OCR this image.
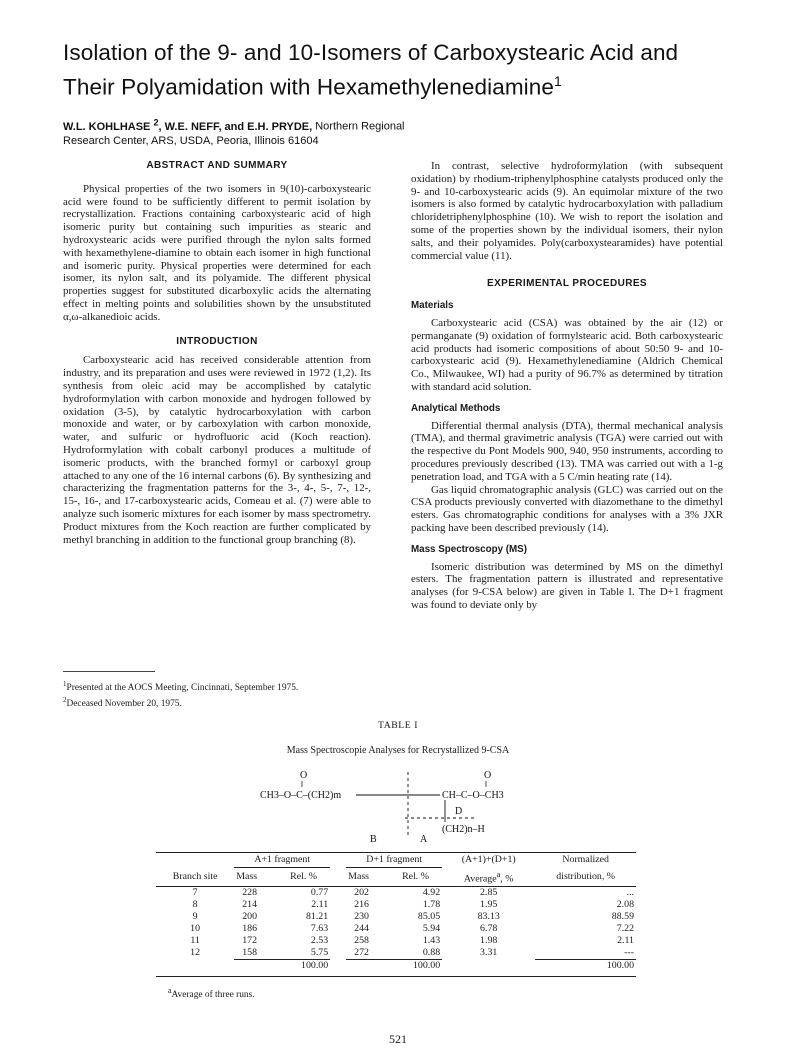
Isolation of the 9- and 10-Isomers of Carboxystearic Acid and
Their Polyamidation with Hexamethylenediamine$^1$
W.L. KOHLHASE $^2$, W.E. NEFF, and E.H. PRYDE, Northern Regional
Research Center, ARS, USDA, Peoria, Illinois 61604
ABSTRACT AND SUMMARY

Physical properties of the two isomers in 9(10)-carboxystearic acid were found to be sufficiently different to permit isolation by recrystallization. Fractions containing carboxystearic acid of high isomeric purity but containing such impurities as stearic and hydroxystearic acids were purified through the nylon salts formed with hexamethylene-diamine to obtain each isomer in high functional and isomeric purity. Physical properties were determined for each isomer, its nylon salt, and its polyamide. The different physical properties suggest for substituted dicarboxylic acids the alternating effect in melting points and solubilities shown by the unsubstituted α,ω-alkanedioic acids.

INTRODUCTION

Carboxystearic acid has received considerable attention from industry, and its preparation and uses were reviewed in 1972 (1,2). Its synthesis from oleic acid may be accomplished by catalytic hydroformylation with carbon monoxide and hydrogen followed by oxidation (3-5), by catalytic hydrocarboxylation with carbon monoxide and water, or by carboxylation with carbon monoxide, water, and sulfuric or hydrofluoric acid (Koch reaction). Hydroformylation with cobalt carbonyl produces a multitude of isomeric products, with the branched formyl or carboxyl group attached to any one of the 16 internal carbons (6). By synthesizing and characterizing the fragmentation patterns for the 3-, 4-, 5-, 7-, 12-, 15-, 16-, and 17-carboxystearic acids, Comeau et al. (7) were able to analyze such isomeric mixtures for each isomer by mass spectrometry. Product mixtures from the Koch reaction are further complicated by methyl branching in addition to the functional group branching (8).

$^1$Presented at the AOCS Meeting, Cincinnati, September 1975.
$^2$Deceased November 20, 1975.

In contrast, selective hydroformylation (with subsequent oxidation) by rhodium-triphenylphosphine catalysts produced only the 9- and 10-carboxystearic acids (9). An equimolar mixture of the two isomers is also formed by catalytic hydrocarboxylation with palladium chloridetriphenylphosphine (10). We wish to report the isolation and some of the properties shown by the individual isomers, their nylon salts, and their polyamides. Poly(carboxystearamides) have potential commercial value (11).

EXPERIMENTAL PROCEDURES
Materials

Carboxystearic acid (CSA) was obtained by the air (12) or permanganate (9) oxidation of formylstearic acid. Both carboxystearic acid products had isomeric compositions of about 50:50 9- and 10-carboxystearic acid (9). Hexamethylenediamine (Aldrich Chemical Co., Milwaukee, WI) had a purity of 96.7% as determined by titration with standard acid solution.

Analytical Methods

Differential thermal analysis (DTA), thermal mechanical analysis (TMA), and thermal gravimetric analysis (TGA) were carried out with the respective du Pont Models 900, 940, 950 instruments, according to procedures previously described (13). TMA was carried out with a 1-g penetration load, and TGA with a 5 C/min heating rate (14).

Gas liquid chromatographic analysis (GLC) was carried out on the CSA products previously converted with diazomethane to the dimethyl esters. Gas chromatographic conditions for analyses with a 3% JXR packing have been described previously (14).

Mass Spectroscopy (MS)

Isomeric distribution was determined by MS on the dimethyl esters. The fragmentation pattern is illustrated and representative analyses (for 9-CSA below) are given in Table I. The D+1 fragment was found to deviate only by

TABLE I
Mass Spectroscopie Analyses for Recrystallized 9-CSA
O
‖
CH3–O–C–(CH2)m
O
‖
CH–C–O–CH3
D
(CH2)n–H
B	A
	A+1 fragment			D+1 fragment		(A+1)+(D+1)	Normalized
Branch site	Mass	Rel. %		Mass	Rel. %	Average$^a$, %	distribution, %
7	228	0.77		202	4.92	2.85	...
8	214	2.11		216	1.78	1.95	2.08
9	200	81.21		230	85.05	83.13	88.59
10	186	7.63		244	5.94	6.78	7.22
11	172	2.53		258	1.43	1.98	2.11
12	158	5.75		272	0.88	3.31	---
	100.00			100.00			100.00

$^a$Average of three runs.
521
